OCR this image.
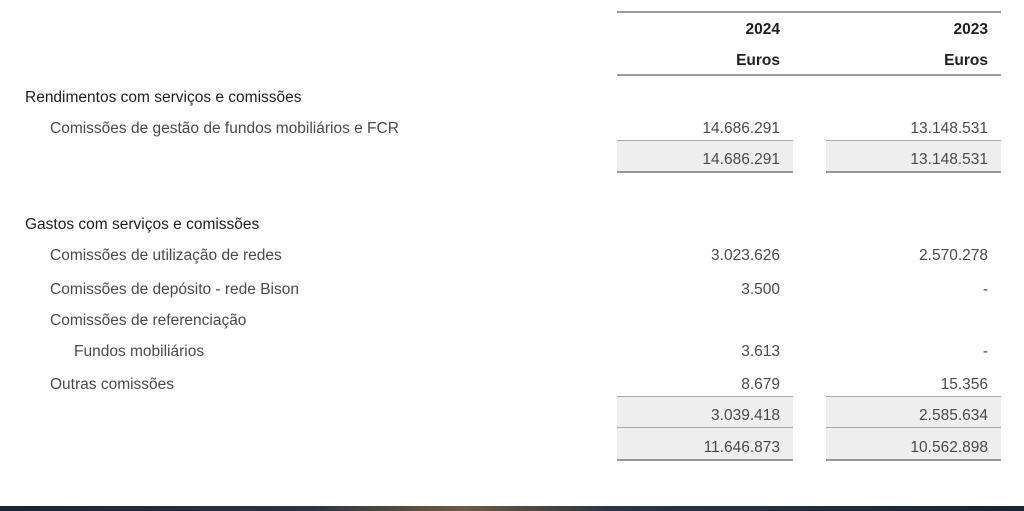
2024	2023
Euros	Euros
Rendimentos com serviços e comissões
Comissões de gestão de fundos mobiliários e FCR	14.686.291	13.148.531
14.686.291	13.148.531
Gastos com serviços e comissões
Comissões de utilização de redes	3.023.626	2.570.278
Comissões de depósito - rede Bison	3.500	-
Comissões de referenciação
Fundos mobiliários	3.613	-
Outras comissões	8.679	15.356
3.039.418	2.585.634
11.646.873	10.562.898
